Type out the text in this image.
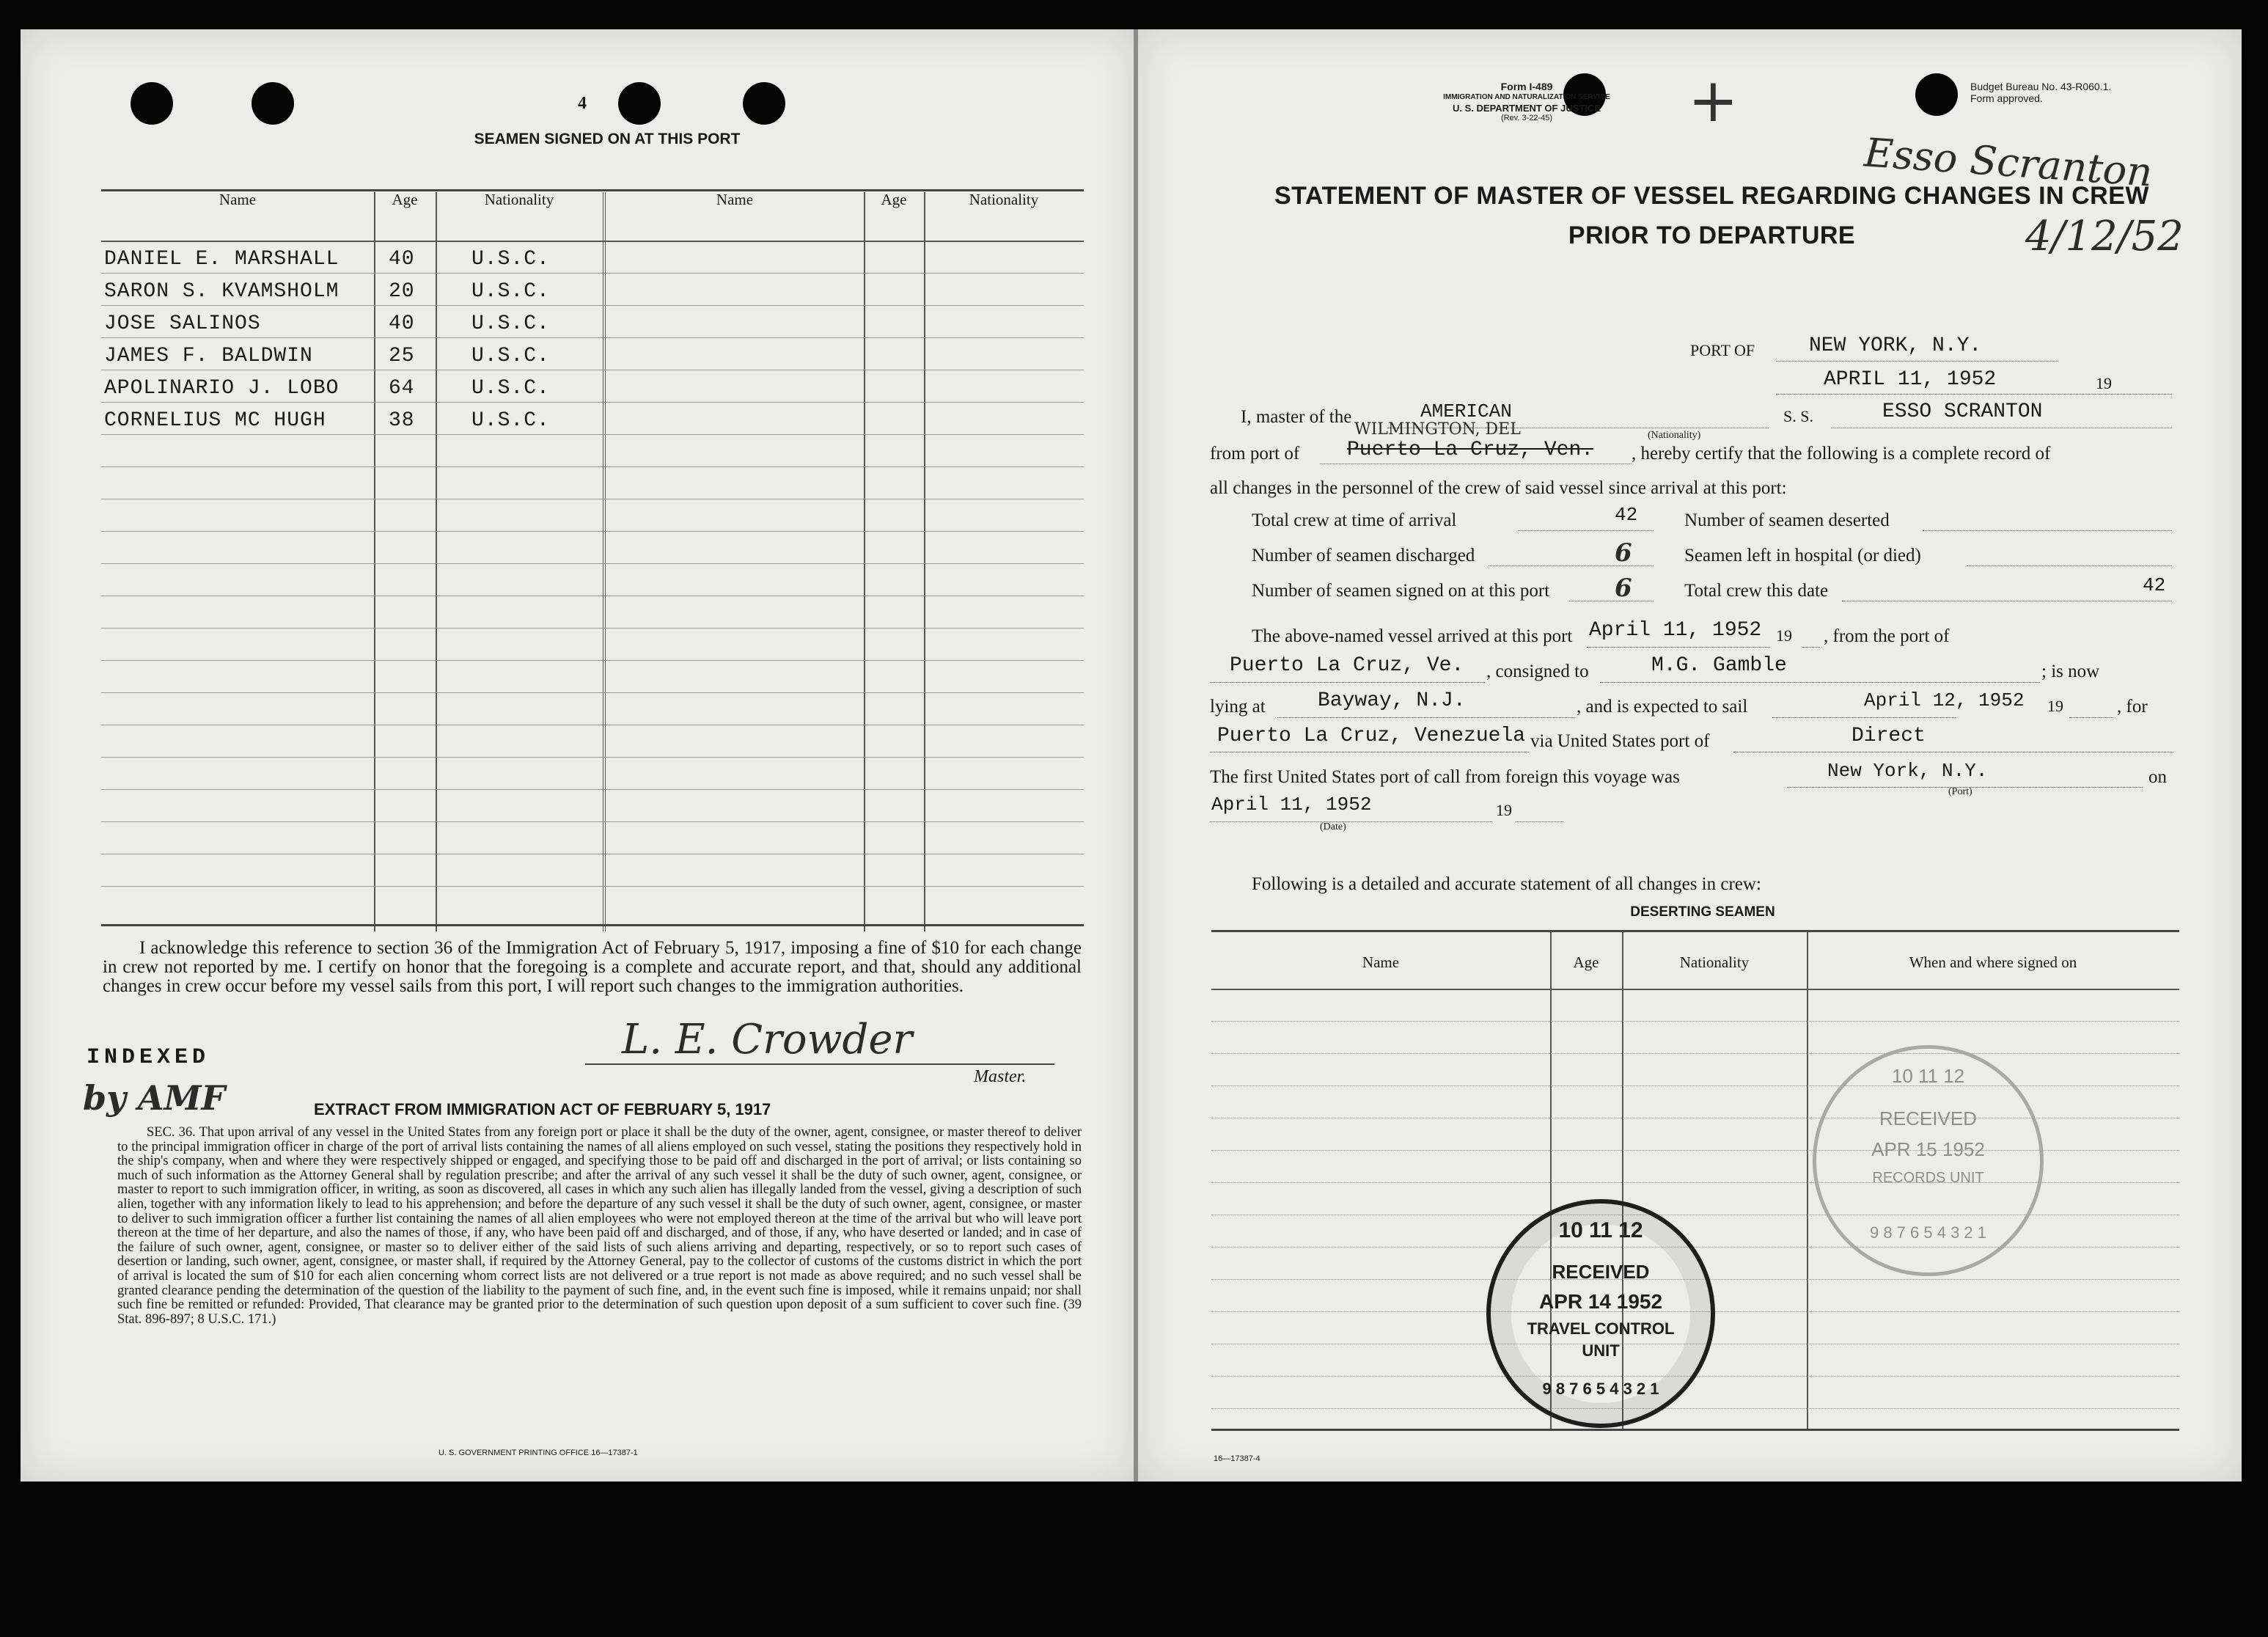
4
SEAMEN SIGNED ON AT THIS PORT
Name	Age	Nationality	Name	Age	Nationality
DANIEL E. MARSHALL 40	U.S.C.
SARON S. KVAMSHOLM 20	U.S.C.
JOSE SALINOS	40	U.S.C.
JAMES F. BALDWIN	25	U.S.C.
APOLINARIO J. LOBO 64	U.S.C.
CORNELIUS MC HUGH	38	U.S.C.
I acknowledge this reference to section 36 of the Immigration Act of February 5, 1917, imposing a fine of $10 for each change in crew not reported by me. I certify on honor that the foregoing is a complete and accurate report, and that, should any additional changes in crew occur before my vessel sails from this port, I will report such changes to the immigration authorities.
L. E. Crowder
Master.
INDEXED
by AMF	EXTRACT FROM IMMIGRATION ACT OF FEBRUARY 5, 1917
SEC. 36. That upon arrival of any vessel in the United States from any foreign port or place it shall be the duty of the owner, agent, consignee, or master thereof to deliver to the principal immigration officer in charge of the port of arrival lists containing the names of all aliens employed on such vessel, stating the positions they respectively hold in the ship's company, when and where they were respectively shipped or engaged, and specifying those to be paid off and discharged in the port of arrival; or lists containing so much of such information as the Attorney General shall by regulation prescribe; and after the arrival of any such vessel it shall be the duty of such owner, agent, consignee, or master to report to such immigration officer, in writing, as soon as discovered, all cases in which any such alien has illegally landed from the vessel, giving a description of such alien, together with any information likely to lead to his apprehension; and before the departure of any such vessel it shall be the duty of such owner, agent, consignee, or master to deliver to such immigration officer a further list containing the names of all alien employees who were not employed thereon at the time of the arrival but who will leave port thereon at the time of her departure, and also the names of those, if any, who have been paid off and discharged, and of those, if any, who have deserted or landed; and in case of the failure of such owner, agent, consignee, or master so to deliver either of the said lists of such aliens arriving and departing, respectively, or so to report such cases of desertion or landing, such owner, agent, consignee, or master shall, if required by the Attorney General, pay to the collector of customs of the customs district in which the port of arrival is located the sum of $10 for each alien concerning whom correct lists are not delivered or a true report is not made as above required; and no such vessel shall be granted clearance pending the determination of the question of the liability to the payment of such fine, and, in the event such fine is imposed, while it remains unpaid; nor shall such fine be remitted or refunded: Provided, That clearance may be granted prior to the determination of such question upon deposit of a sum sufficient to cover such fine. (39 Stat. 896-897; 8 U.S.C. 171.)
U. S. GOVERNMENT PRINTING OFFICE 16—17387-1
Form I-489
IMMIGRATION AND NATURALIZATION SERVICE
U. S. DEPARTMENT OF JUSTICE
(Rev. 3-22-45)
Budget Bureau No. 43-R060.1.
Form approved.
Esso Scranton
4/12/52
+
STATEMENT OF MASTER OF VESSEL REGARDING CHANGES IN CREW
PRIOR TO DEPARTURE
PORT OF	NEW YORK, N.Y.
APRIL 11, 1952	19
I, master of the	AMERICAN
(Nationality)
S. S.	ESSO SCRANTON
from port of Puerto La Cruz, Ven.
WILMINGTON, DEL
, hereby certify that the following is a complete record of
all changes in the personnel of the crew of said vessel since arrival at this port:
Total crew at time of arrival	42
Number of seamen discharged	6
Number of seamen signed on at this port	6
Number of seamen deserted
Seamen left in hospital (or died)
Total crew this date	42
The above-named vessel arrived at this port April 11, 1952 19 , from the port of
Puerto La Cruz, Ve. , consigned to	M.G. Gamble	; is now
lying at	Bayway, N.J.	, and is expected to sail	April 12, 1952 19	, for
Puerto La Cruz, Venezuela via United States port of	Direct
The first United States port of call from foreign this voyage was	New York, N.Y.
(Port)
on
April 11, 1952
(Date)
19
Following is a detailed and accurate statement of all changes in crew:
DESERTING SEAMEN
Name	Age	Nationality	When and where signed on
10 11 12
RECEIVED
APR 14 1952
TRAVEL CONTROL
UNIT
9 8 7 6 5 4 3 2 1
10 11 12
RECEIVED
APR 15 1952
RECORDS UNIT
9 8 7 6 5 4 3 2 1
16—17387-4
